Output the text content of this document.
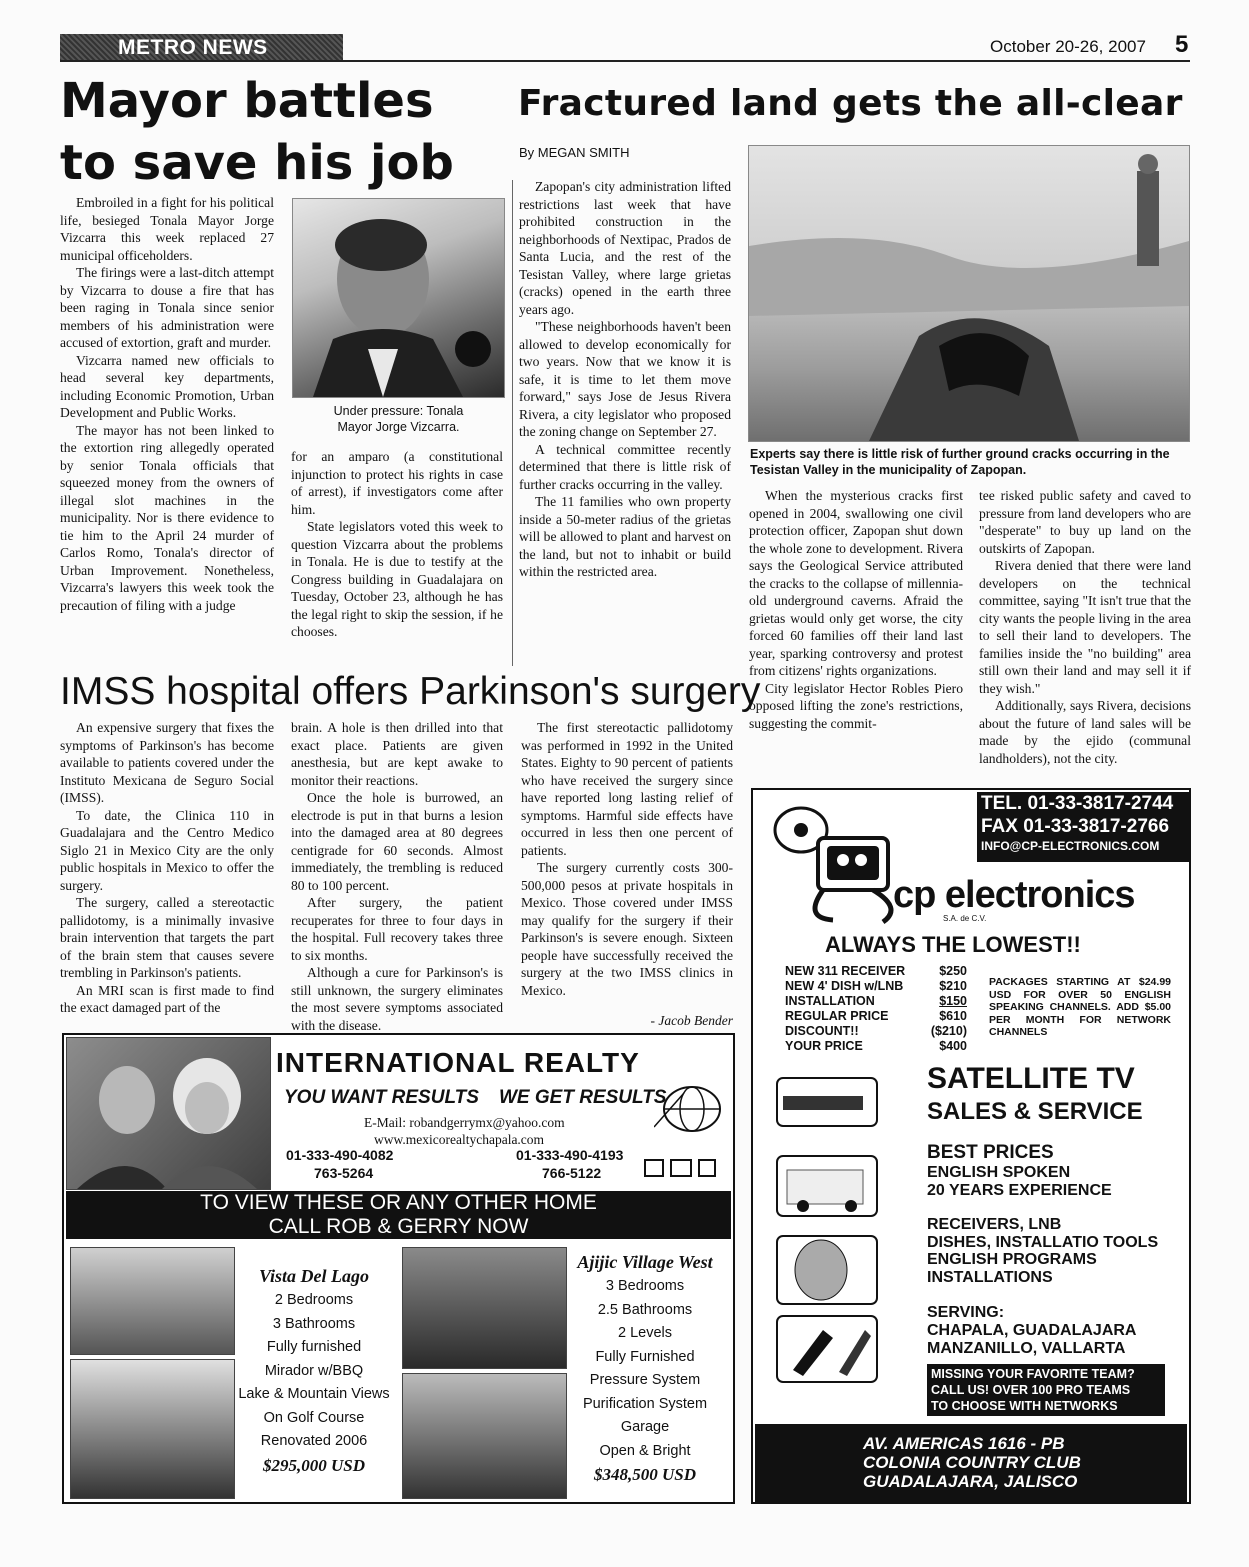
METRO NEWS	October 20-26, 2007 5
Mayor battles
to save his job

Embroiled in a fight for his political life, besieged Tonala Mayor Jorge Vizcarra this week replaced 27 municipal officeholders.

The firings were a last-ditch attempt by Vizcarra to douse a fire that has been raging in Tonala since senior members of his administration were accused of extortion, graft and murder.

Vizcarra named new officials to head several key departments, including Economic Promotion, Urban Development and Public Works.

The mayor has not been linked to the extortion ring allegedly operated by senior Tonala officials that squeezed money from the owners of illegal slot machines in the municipality. Nor is there evidence to tie him to the April 24 murder of Carlos Romo, Tonala's director of Urban Improvement. Nonetheless, Vizcarra's lawyers this week took the precaution of filing with a judge

Under pressure: Tonala
Mayor Jorge Vizcarra.

for an amparo (a constitutional injunction to protect his rights in case of arrest), if investigators come after him.

State legislators voted this week to question Vizcarra about the problems in Tonala. He is due to testify at the Congress building in Guadalajara on Tuesday, October 23, although he has the legal right to skip the session, if he chooses.

Fractured land gets the all-clear
By MEGAN SMITH

Zapopan's city administration lifted restrictions last week that have prohibited construction in the neighborhoods of Nextipac, Prados de Santa Lucia, and the rest of the Tesistan Valley, where large grietas (cracks) opened in the earth three years ago.

"These neighborhoods haven't been allowed to develop economically for two years. Now that we know it is safe, it is time to let them move forward," says Jose de Jesus Rivera Rivera, a city legislator who proposed the zoning change on September 27.

A technical committee recently determined that there is little risk of further cracks occurring in the valley.

The 11 families who own property inside a 50-meter radius of the grietas will be allowed to plant and harvest on the land, but not to inhabit or build within the restricted area.

Experts say there is little risk of further ground cracks occurring in the Tesistan Valley in the municipality of Zapopan.

When the mysterious cracks first opened in 2004, swallowing one civil protection officer, Zapopan shut down the whole zone to development. Rivera says the Geological Service attributed the cracks to the collapse of millennia-old underground caverns. Afraid the grietas would only get worse, the city forced 60 families off their land last year, sparking controversy and protest from citizens' rights organizations.

City legislator Hector Robles Piero opposed lifting the zone's restrictions, suggesting the commit-

tee risked public safety and caved to pressure from land developers who are "desperate" to buy up land on the outskirts of Zapopan.

Rivera denied that there were land developers on the technical committee, saying "It isn't true that the city wants the people living in the area to sell their land to developers. The families inside the "no building" area still own their land and may sell it if they wish."

Additionally, says Rivera, decisions about the future of land sales will be made by the ejido (communal landholders), not the city.

IMSS hospital offers Parkinson's surgery

An expensive surgery that fixes the symptoms of Parkinson's has become available to patients covered under the Instituto Mexicana de Seguro Social (IMSS).

To date, the Clinica 110 in Guadalajara and the Centro Medico Siglo 21 in Mexico City are the only public hospitals in Mexico to offer the surgery.

The surgery, called a stereotactic pallidotomy, is a minimally invasive brain intervention that targets the part of the brain stem that causes severe trembling in Parkinson's patients.

An MRI scan is first made to find the exact damaged part of the

brain. A hole is then drilled into that exact place. Patients are given anesthesia, but are kept awake to monitor their reactions.

Once the hole is burrowed, an electrode is put in that burns a lesion into the damaged area at 80 degrees centigrade for 60 seconds. Almost immediately, the trembling is reduced 80 to 100 percent.

After surgery, the patient recuperates for three to four days in the hospital. Full recovery takes three to six months.

Although a cure for Parkinson's is still unknown, the surgery eliminates the most severe symptoms associated with the disease.

The first stereotactic pallidotomy was performed in 1992 in the United States. Eighty to 90 percent of patients who have received the surgery since have reported long lasting relief of symptoms. Harmful side effects have occurred in less then one percent of patients.

The surgery currently costs 300-500,000 pesos at private hospitals in Mexico. Those covered under IMSS may qualify for the surgery if their Parkinson's is severe enough. Sixteen people have successfully received the surgery at the two IMSS clinics in Mexico.

- Jacob Bender
INTERNATIONAL REALTY
YOU WANT RESULTS WE GET RESULTS
E-Mail: robandgerrymx@yahoo.com
www.mexicorealtychapala.com
01-333-490-4082
763-5264
01-333-490-4193
766-5122
TO VIEW THESE OR ANY OTHER HOME
CALL ROB & GERRY NOW
Vista Del Lago
2 Bedrooms
3 Bathrooms
Fully furnished
Mirador w/BBQ
Lake & Mountain Views
On Golf Course
Renovated 2006
$295,000 USD
Ajijic Village West
3 Bedrooms
2.5 Bathrooms
2 Levels
Fully Furnished
Pressure System
Purification System
Garage
Open & Bright
$348,500 USD
TEL. 01-33-3817-2744
FAX 01-33-3817-2766
INFO@CP-ELECTRONICS.COM
cp electronics
S.A. de C.V.
ALWAYS THE LOWEST!!
NEW 311 RECEIVER	$250
NEW 4' DISH w/LNB	$210
INSTALLATION	$150
REGULAR PRICE	$610
DISCOUNT!!	($210)
YOUR PRICE	$400
PACKAGES STARTING AT $24.99 USD FOR OVER 50 ENGLISH SPEAKING CHANNELS. ADD $5.00 PER MONTH FOR NETWORK CHANNELS
SATELLITE TV
SALES & SERVICE
BEST PRICES
ENGLISH SPOKEN
20 YEARS EXPERIENCE
RECEIVERS, LNB
DISHES, INSTALLATIO TOOLS
ENGLISH PROGRAMS
INSTALLATIONS
SERVING:
CHAPALA, GUADALAJARA
MANZANILLO, VALLARTA
MISSING YOUR FAVORITE TEAM?
CALL US! OVER 100 PRO TEAMS
TO CHOOSE WITH NETWORKS
AV. AMERICAS 1616 - PB
COLONIA COUNTRY CLUB
GUADALAJARA, JALISCO
